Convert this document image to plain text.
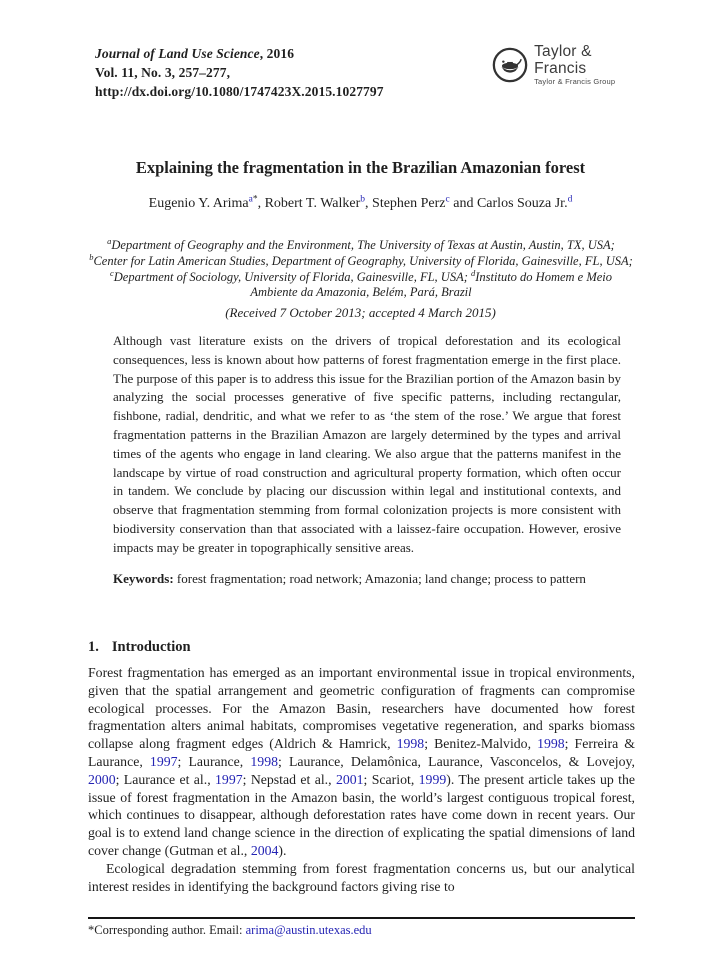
Journal of Land Use Science, 2016
Vol. 11, No. 3, 257–277, http://dx.doi.org/10.1080/1747423X.2015.1027797
Taylor & Francis
Taylor & Francis Group
Explaining the fragmentation in the Brazilian Amazonian forest
Eugenio Y. Arima$^{a*}$, Robert T. Walker$^b$, Stephen Perz$^c$ and Carlos Souza Jr.$^d$
$^a$Department of Geography and the Environment, The University of Texas at Austin, Austin, TX, USA; $^b$Center for Latin American Studies, Department of Geography, University of Florida, Gainesville, FL, USA; $^c$Department of Sociology, University of Florida, Gainesville, FL, USA; $^d$Instituto do Homem e Meio Ambiente da Amazonia, Belém, Pará, Brazil
(Received 7 October 2013; accepted 4 March 2015)

Although vast literature exists on the drivers of tropical deforestation and its ecological consequences, less is known about how patterns of forest fragmentation emerge in the first place. The purpose of this paper is to address this issue for the Brazilian portion of the Amazon basin by analyzing the social processes generative of five specific patterns, including rectangular, fishbone, radial, dendritic, and what we refer to as ‘the stem of the rose.’ We argue that forest fragmentation patterns in the Brazilian Amazon are largely determined by the types and arrival times of the agents who engage in land clearing. We also argue that the patterns manifest in the landscape by virtue of road construction and agricultural property formation, which often occur in tandem. We conclude by placing our discussion within legal and institutional contexts, and observe that fragmentation stemming from formal colonization projects is more consistent with biodiversity conservation than that associated with a laissez-faire occupation. However, erosive impacts may be greater in topographically sensitive areas.

Keywords: forest fragmentation; road network; Amazonia; land change; process to pattern

1. Introduction

Forest fragmentation has emerged as an important environmental issue in tropical environments, given that the spatial arrangement and geometric configuration of fragments can compromise ecological processes. For the Amazon Basin, researchers have documented how forest fragmentation alters animal habitats, compromises vegetative regeneration, and sparks biomass collapse along fragment edges (Aldrich & Hamrick, 1998; Benitez-Malvido, 1998; Ferreira & Laurance, 1997; Laurance, 1998; Laurance, Delamônica, Laurance, Vasconcelos, & Lovejoy, 2000; Laurance et al., 1997; Nepstad et al., 2001; Scariot, 1999). The present article takes up the issue of forest fragmentation in the Amazon basin, the world’s largest contiguous tropical forest, which continues to disappear, although deforestation rates have come down in recent years. Our goal is to extend land change science in the direction of explicating the spatial dimensions of land cover change (Gutman et al., 2004).

Ecological degradation stemming from forest fragmentation concerns us, but our analytical interest resides in identifying the background factors giving rise to

*Corresponding author. Email: arima@austin.utexas.edu
